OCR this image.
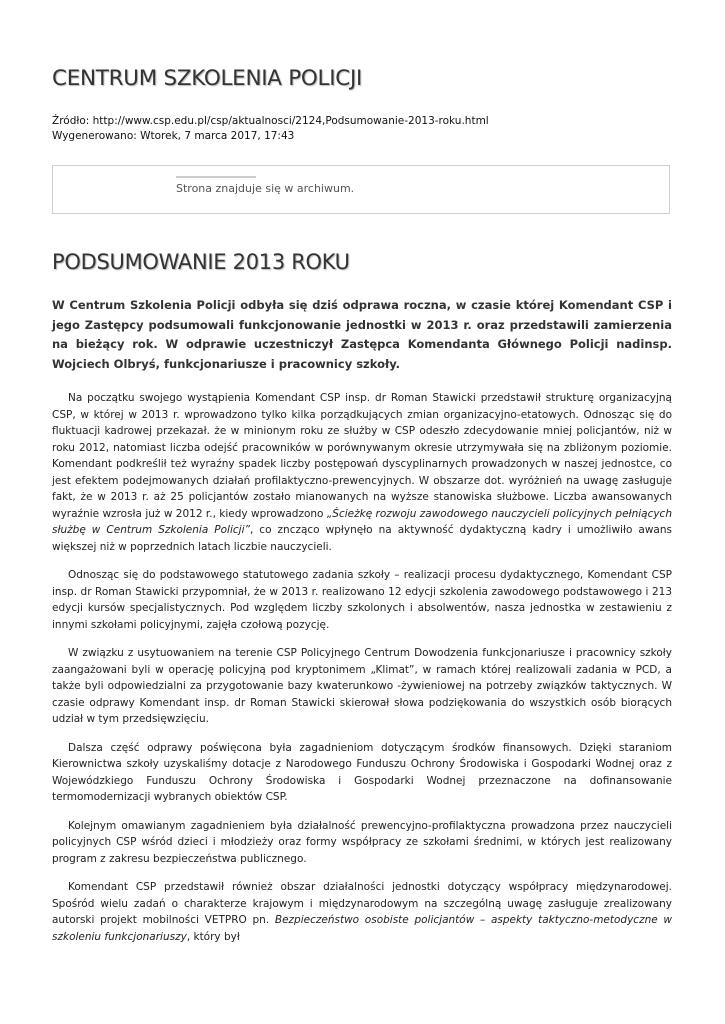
CENTRUM SZKOLENIA POLICJI
Źródło: http://www.csp.edu.pl/csp/aktualnosci/2124,Podsumowanie-2013-roku.html
Wygenerowano: Wtorek, 7 marca 2017, 17:43
Strona znajduje się w archiwum.
PODSUMOWANIE 2013 ROKU

W Centrum Szkolenia Policji odbyła się dziś odprawa roczna, w czasie której Komendant CSP i jego Zastępcy podsumowali funkcjonowanie jednostki w 2013 r. oraz przedstawili zamierzenia na bieżący rok. W odprawie uczestniczył Zastępca Komendanta Głównego Policji nadinsp. Wojciech Olbryś, funkcjonariusze i pracownicy szkoły.

Na początku swojego wystąpienia Komendant CSP insp. dr Roman Stawicki przedstawił strukturę organizacyjną CSP, w której w 2013 r. wprowadzono tylko kilka porządkujących zmian organizacyjno-etatowych. Odnosząc się do fluktuacji kadrowej przekazał. że w minionym roku ze służby w CSP odeszło zdecydowanie mniej policjantów, niż w roku 2012, natomiast liczba odejść pracowników w porównywanym okresie utrzymywała się na zbliżonym poziomie. Komendant podkreślił też wyraźny spadek liczby postępowań dyscyplinarnych prowadzonych w naszej jednostce, co jest efektem podejmowanych działań profilaktyczno-prewencyjnych. W obszarze dot. wyróżnień na uwagę zasługuje fakt, że w 2013 r. aż 25 policjantów zostało mianowanych na wyższe stanowiska służbowe. Liczba awansowanych wyraźnie wzrosła już w 2012 r., kiedy wprowadzono „Ścieżkę rozwoju zawodowego nauczycieli policyjnych pełniących służbę w Centrum Szkolenia Policji”, co zncząco wpłynęło na aktywność dydaktyczną kadry i umożliwiło awans większej niż w poprzednich latach liczbie nauczycieli.

Odnosząc się do podstawowego statutowego zadania szkoły – realizacji procesu dydaktycznego, Komendant CSP insp. dr Roman Stawicki przypomniał, że w 2013 r. realizowano 12 edycji szkolenia zawodowego podstawowego i 213 edycji kursów specjalistycznych. Pod względem liczby szkolonych i absolwentów, nasza jednostka w zestawieniu z innymi szkołami policyjnymi, zajęła czołową pozycję.

W związku z usytuowaniem na terenie CSP Policyjnego Centrum Dowodzenia funkcjonariusze i pracownicy szkoły zaangażowani byli w operację policyjną pod kryptonimem „Klimat”, w ramach której realizowali zadania w PCD, a także byli odpowiedzialni za przygotowanie bazy kwaterunkowo -żywieniowej na potrzeby związków taktycznych. W czasie odprawy Komendant insp. dr Roman Stawicki skierował słowa podziękowania do wszystkich osób biorących udział w tym przedsięwzięciu.

Dalsza część odprawy poświęcona była zagadnieniom dotyczącym środków finansowych. Dzięki staraniom Kierownictwa szkoły uzyskaliśmy dotacje z Narodowego Funduszu Ochrony Środowiska i Gospodarki Wodnej oraz z Wojewódzkiego Funduszu Ochrony Środowiska i Gospodarki Wodnej przeznaczone na dofinansowanie termomodernizacji wybranych obiektów CSP.

Kolejnym omawianym zagadnieniem była działalność prewencyjno-profilaktyczna prowadzona przez nauczycieli policyjnych CSP wśród dzieci i młodzieży oraz formy współpracy ze szkołami średnimi, w których jest realizowany program z zakresu bezpieczeństwa publicznego.

Komendant CSP przedstawił również obszar działalności jednostki dotyczący współpracy międzynarodowej. Spośród wielu zadań o charakterze krajowym i międzynarodowym na szczególną uwagę zasługuje zrealizowany autorski projekt mobilności VETPRO pn. Bezpieczeństwo osobiste policjantów – aspekty taktyczno-metodyczne w szkoleniu funkcjonariuszy, który był
